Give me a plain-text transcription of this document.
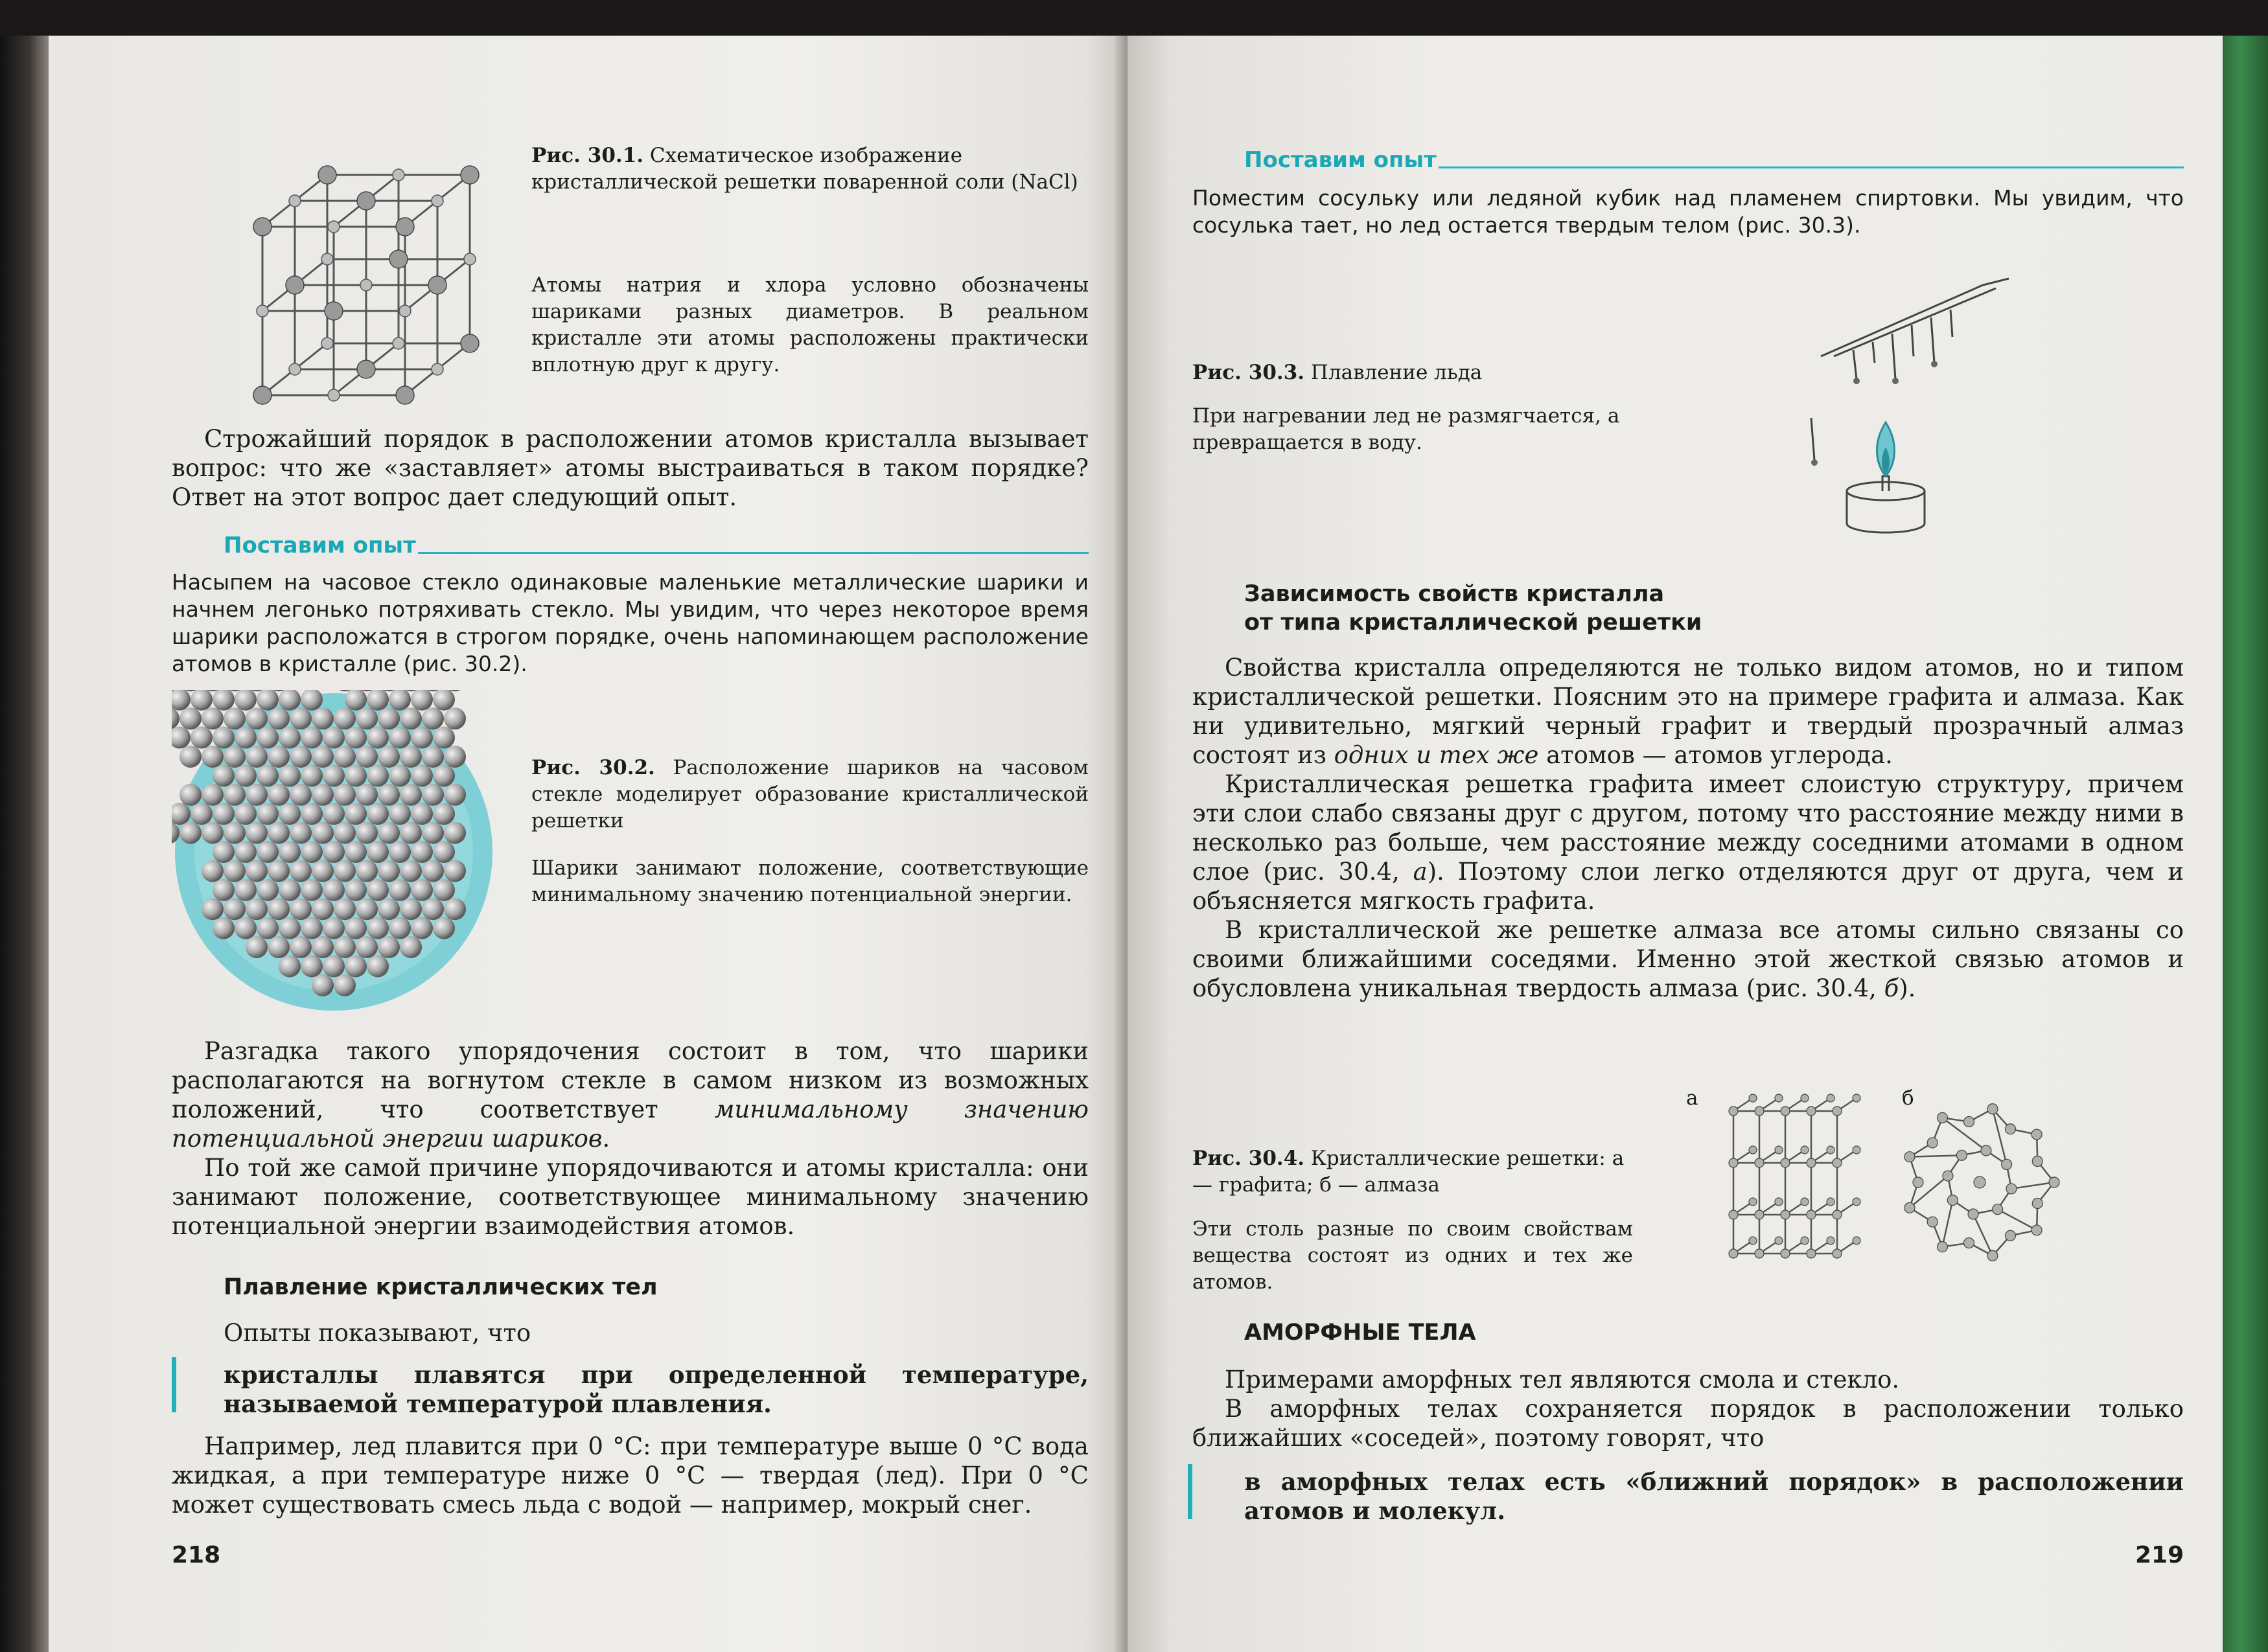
Рис. 30.1. Схематическое изображение кристаллической решетки поваренной соли (NaCl)
Атомы натрия и хлора условно обозначены шариками разных диаметров. В реальном кристалле эти атомы расположены практически вплотную друг к другу.

Строжайший порядок в расположении атомов кристалла вызывает вопрос: что же «заставляет» атомы выстраиваться в таком порядке? Ответ на этот вопрос дает следующий опыт.

Поставим опыт
Насыпем на часовое стекло одинаковые маленькие металлические шарики и начнем легонько потряхивать стекло. Мы увидим, что через некоторое время шарики расположатся в строгом порядке, очень напоминающем расположение атомов в кристалле (рис. 30.2).
Рис. 30.2. Расположение шариков на часовом стекле моделирует образование кристаллической решетки
Шарики занимают положение, соответствующие минимальному значению потенциальной энергии.

Разгадка такого упорядочения состоит в том, что шарики располагаются на вогнутом стекле в самом низком из возможных положений, что соответствует минимальному значению потенциальной энергии шариков.

По той же самой причине упорядочиваются и атомы кристалла: они занимают положение, соответствующее минимальному значению потенциальной энергии взаимодействия атомов.

Плавление кристаллических тел
Опыты показывают, что
кристаллы плавятся при определенной температуре, называемой температурой плавления.

Например, лед плавится при 0 °С: при температуре выше 0 °С вода жидкая, а при температуре ниже 0 °С — твердая (лед). При 0 °С может существовать смесь льда с водой — например, мокрый снег.

218
Поставим опыт
Поместим сосульку или ледяной кубик над пламенем спиртовки. Мы увидим, что сосулька тает, но лед остается твердым телом (рис. 30.3).
Рис. 30.3. Плавление льда
При нагревании лед не размягчается, а превращается в воду.
Зависимость свойств кристалла
от типа кристаллической решетки

Свойства кристалла определяются не только видом атомов, но и типом кристаллической решетки. Поясним это на примере графита и алмаза. Как ни удивительно, мягкий черный графит и твердый прозрачный алмаз состоят из одних и тех же атомов — атомов углерода.

Кристаллическая решетка графита имеет слоистую структуру, причем эти слои слабо связаны друг с другом, потому что расстояние между ними в несколько раз больше, чем расстояние между соседними атомами в одном слое (рис. 30.4, а). Поэтому слои легко отделяются друг от друга, чем и объясняется мягкость графита.

В кристаллической же решетке алмаза все атомы сильно связаны со своими ближайшими соседями. Именно этой жесткой связью атомов и обусловлена уникальная твердость алмаза (рис. 30.4, б).

а	б
Рис. 30.4. Кристаллические решетки: а — графита; б — алмаза
Эти столь разные по своим свойствам вещества состоят из одних и тех же атомов.
АМОРФНЫЕ ТЕЛА

Примерами аморфных тел являются смола и стекло.

В аморфных телах сохраняется порядок в расположении только ближайших «соседей», поэтому говорят, что

в аморфных телах есть «ближний порядок» в расположении атомов и молекул.
219
